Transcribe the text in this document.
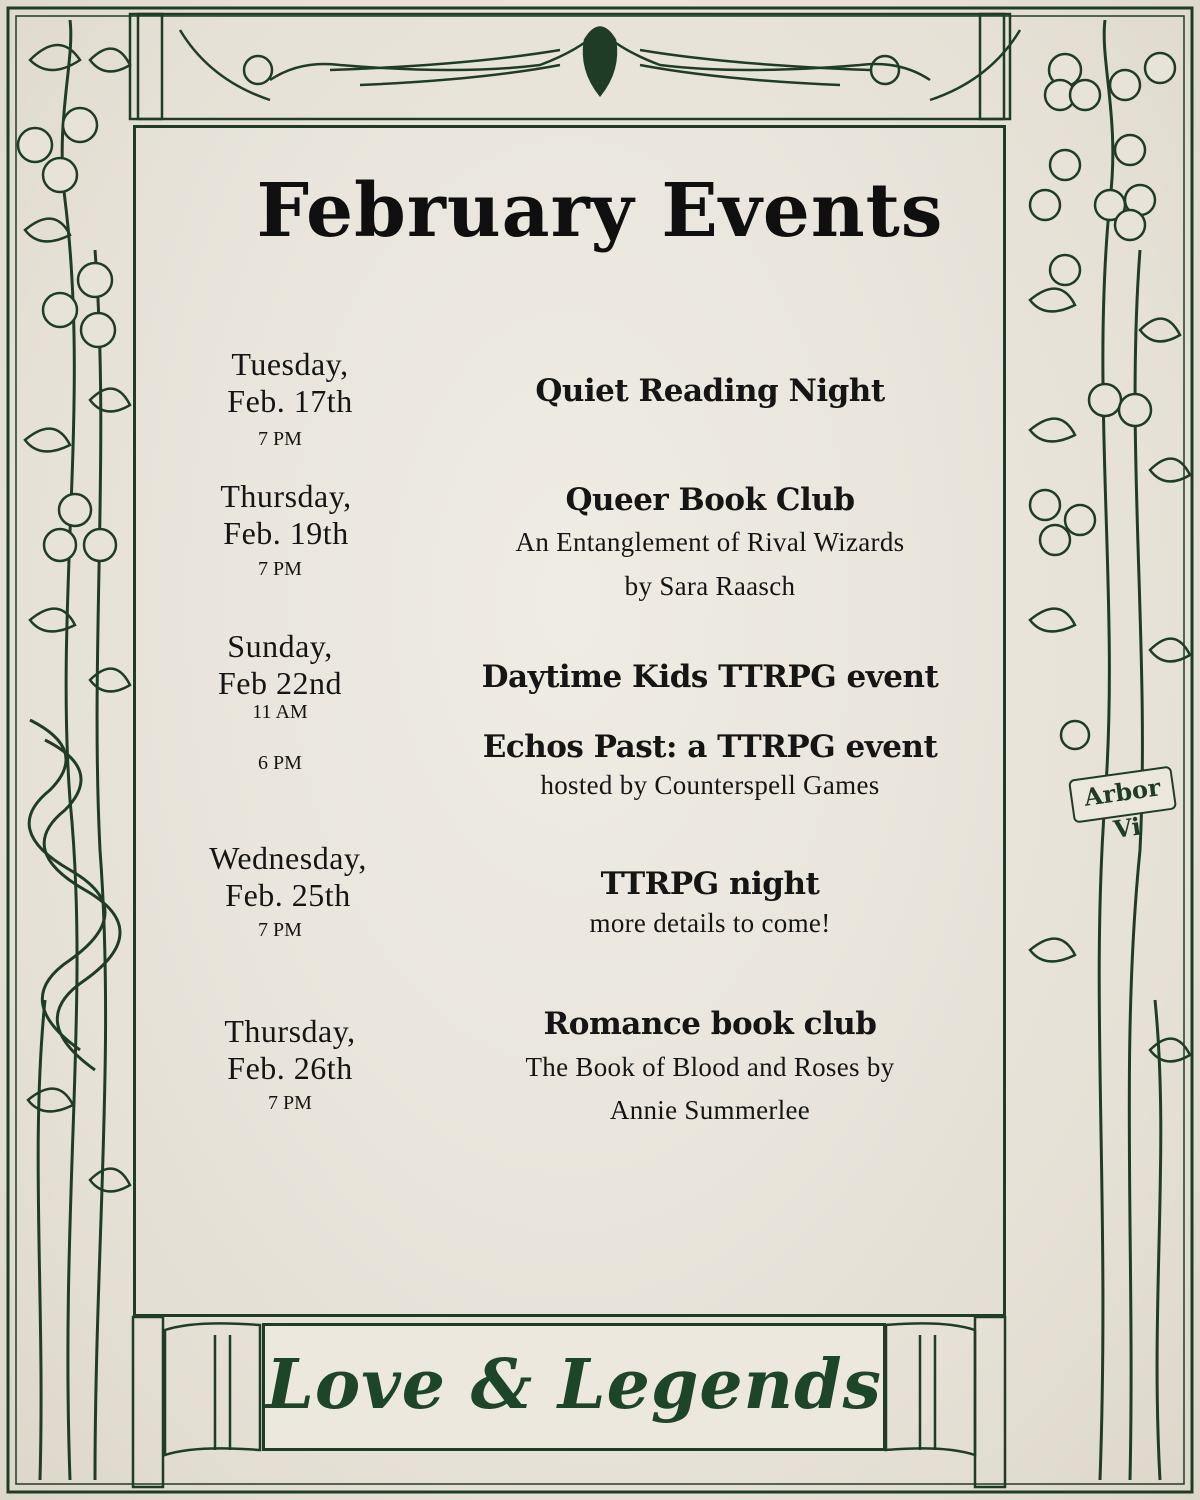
February Events
Tuesday,
Feb. 17th
7 PM
Quiet Reading Night
Thursday,
Feb. 19th
7 PM
Queer Book Club
An Entanglement of Rival Wizards
by Sara Raasch
Sunday,
Feb 22nd
11 AM
Daytime Kids TTRPG event
6 PM	Echos Past: a TTRPG event
hosted by Counterspell Games
Wednesday,
Feb. 25th
7 PM
TTRPG night
more details to come!
Thursday,
Feb. 26th
7 PM
Romance book club
The Book of Blood and Roses by
Annie Summerlee
Love & Legends
Arbor Vi
